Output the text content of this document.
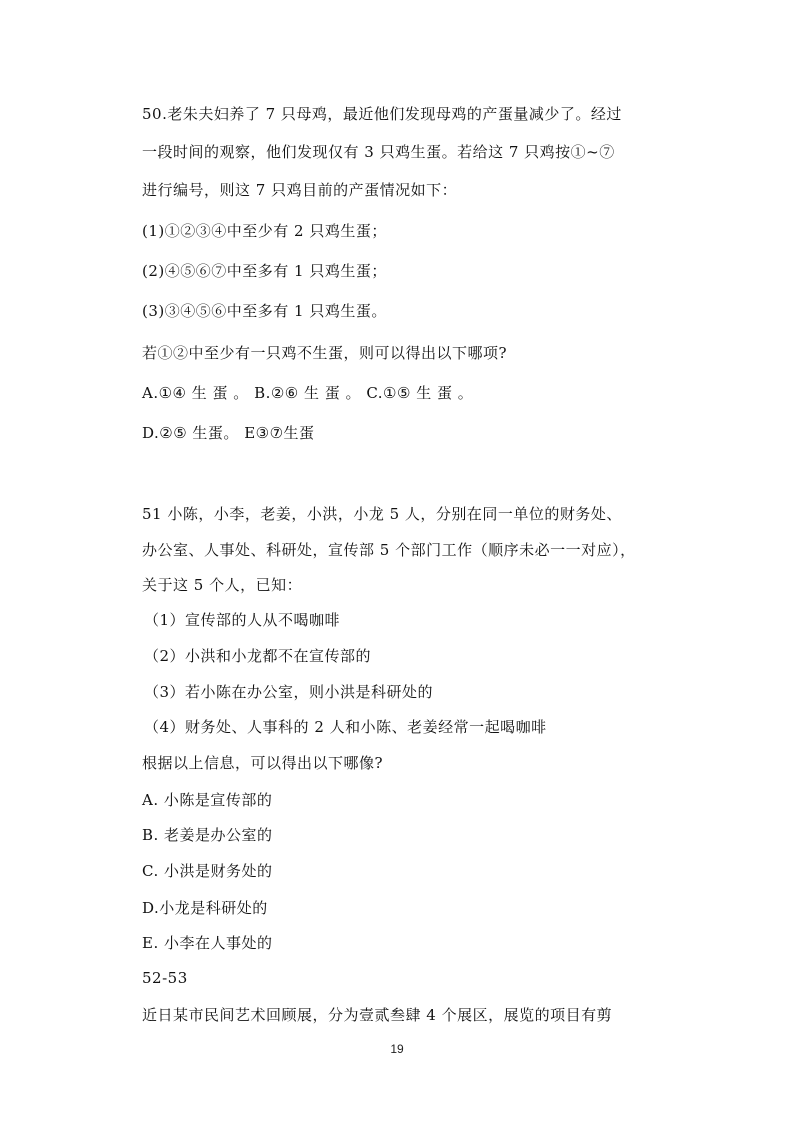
50.老朱夫妇养了 7 只母鸡，最近他们发现母鸡的产蛋量减少了。经过
一段时间的观察，他们发现仅有 3 只鸡生蛋。若给这 7 只鸡按①~⑦
进行编号，则这 7 只鸡目前的产蛋情况如下：
(1)①②③④中至少有 2 只鸡生蛋；
(2)④⑤⑥⑦中至多有 1 只鸡生蛋；
(3)③④⑤⑥中至多有 1 只鸡生蛋。
若①②中至少有一只鸡不生蛋，则可以得出以下哪项?
A.①④ 生 蛋 。 B.②⑥ 生 蛋 。 C.①⑤ 生 蛋 。
D.②⑤ 生蛋。 E③⑦生蛋
51 小陈，小李，老姜，小洪，小龙 5 人，分别在同一单位的财务处、
办公室、人事处、科研处，宣传部 5 个部门工作（顺序未必一一对应），
关于这 5 个人，已知：
（1）宣传部的人从不喝咖啡
（2）小洪和小龙都不在宣传部的
（3）若小陈在办公室，则小洪是科研处的
（4）财务处、人事科的 2 人和小陈、老姜经常一起喝咖啡
根据以上信息，可以得出以下哪像?
A. 小陈是宣传部的
B. 老姜是办公室的
C. 小洪是财务处的
D.小龙是科研处的
E. 小李在人事处的
52-53
近日某市民间艺术回顾展，分为壹贰叁肆 4 个展区，展览的项目有剪
19
